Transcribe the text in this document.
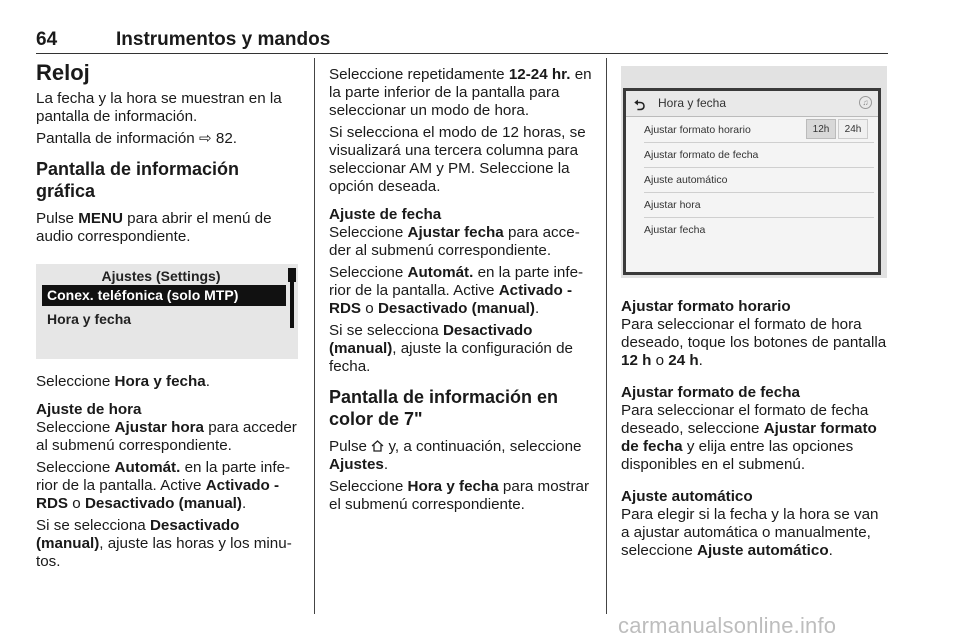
64	Instrumentos y mandos
Reloj

La fecha y la hora se muestran en la pantalla de información.

Pantalla de información ⇨ 82.

Pantalla de información gráfica

Pulse MENU para abrir el menú de audio correspondiente.

Ajustes (Settings)
Conex. teléfonica (solo MTP)
Hora y fecha

Seleccione Hora y fecha.

Ajuste de hora

Seleccione Ajustar hora para acceder al submenú correspondiente.

Seleccione Automát. en la parte inferior de la pantalla. Active Activado - RDS o Desactivado (manual).

Si se selecciona Desactivado (manual), ajuste las horas y los minutos.

Seleccione repetidamente 12-24 hr. en la parte inferior de la pantalla para seleccionar un modo de hora.

Si selecciona el modo de 12 horas, se visualizará una tercera columna para seleccionar AM y PM. Seleccione la opción deseada.

Ajuste de fecha

Seleccione Ajustar fecha para acceder al submenú correspondiente.

Seleccione Automát. en la parte inferior de la pantalla. Active Activado - RDS o Desactivado (manual).

Si se selecciona Desactivado (manual), ajuste la configuración de fecha.

Pantalla de información en color de 7"

Pulse  y, a continuación, seleccione Ajustes.

Seleccione Hora y fecha para mostrar el submenú correspondiente.

⮌ Hora y fecha	♫
Ajustar formato horario
Ajustar formato de fecha
Ajuste automático
Ajustar hora
Ajustar fecha
12h	24h
Ajustar formato horario

Para seleccionar el formato de hora deseado, toque los botones de pantalla 12 h o 24 h.

Ajustar formato de fecha

Para seleccionar el formato de fecha deseado, seleccione Ajustar formato de fecha y elija entre las opciones disponibles en el submenú.

Ajuste automático

Para elegir si la fecha y la hora se van a ajustar automática o manualmente, seleccione Ajuste automático.

carmanualsonline.info
